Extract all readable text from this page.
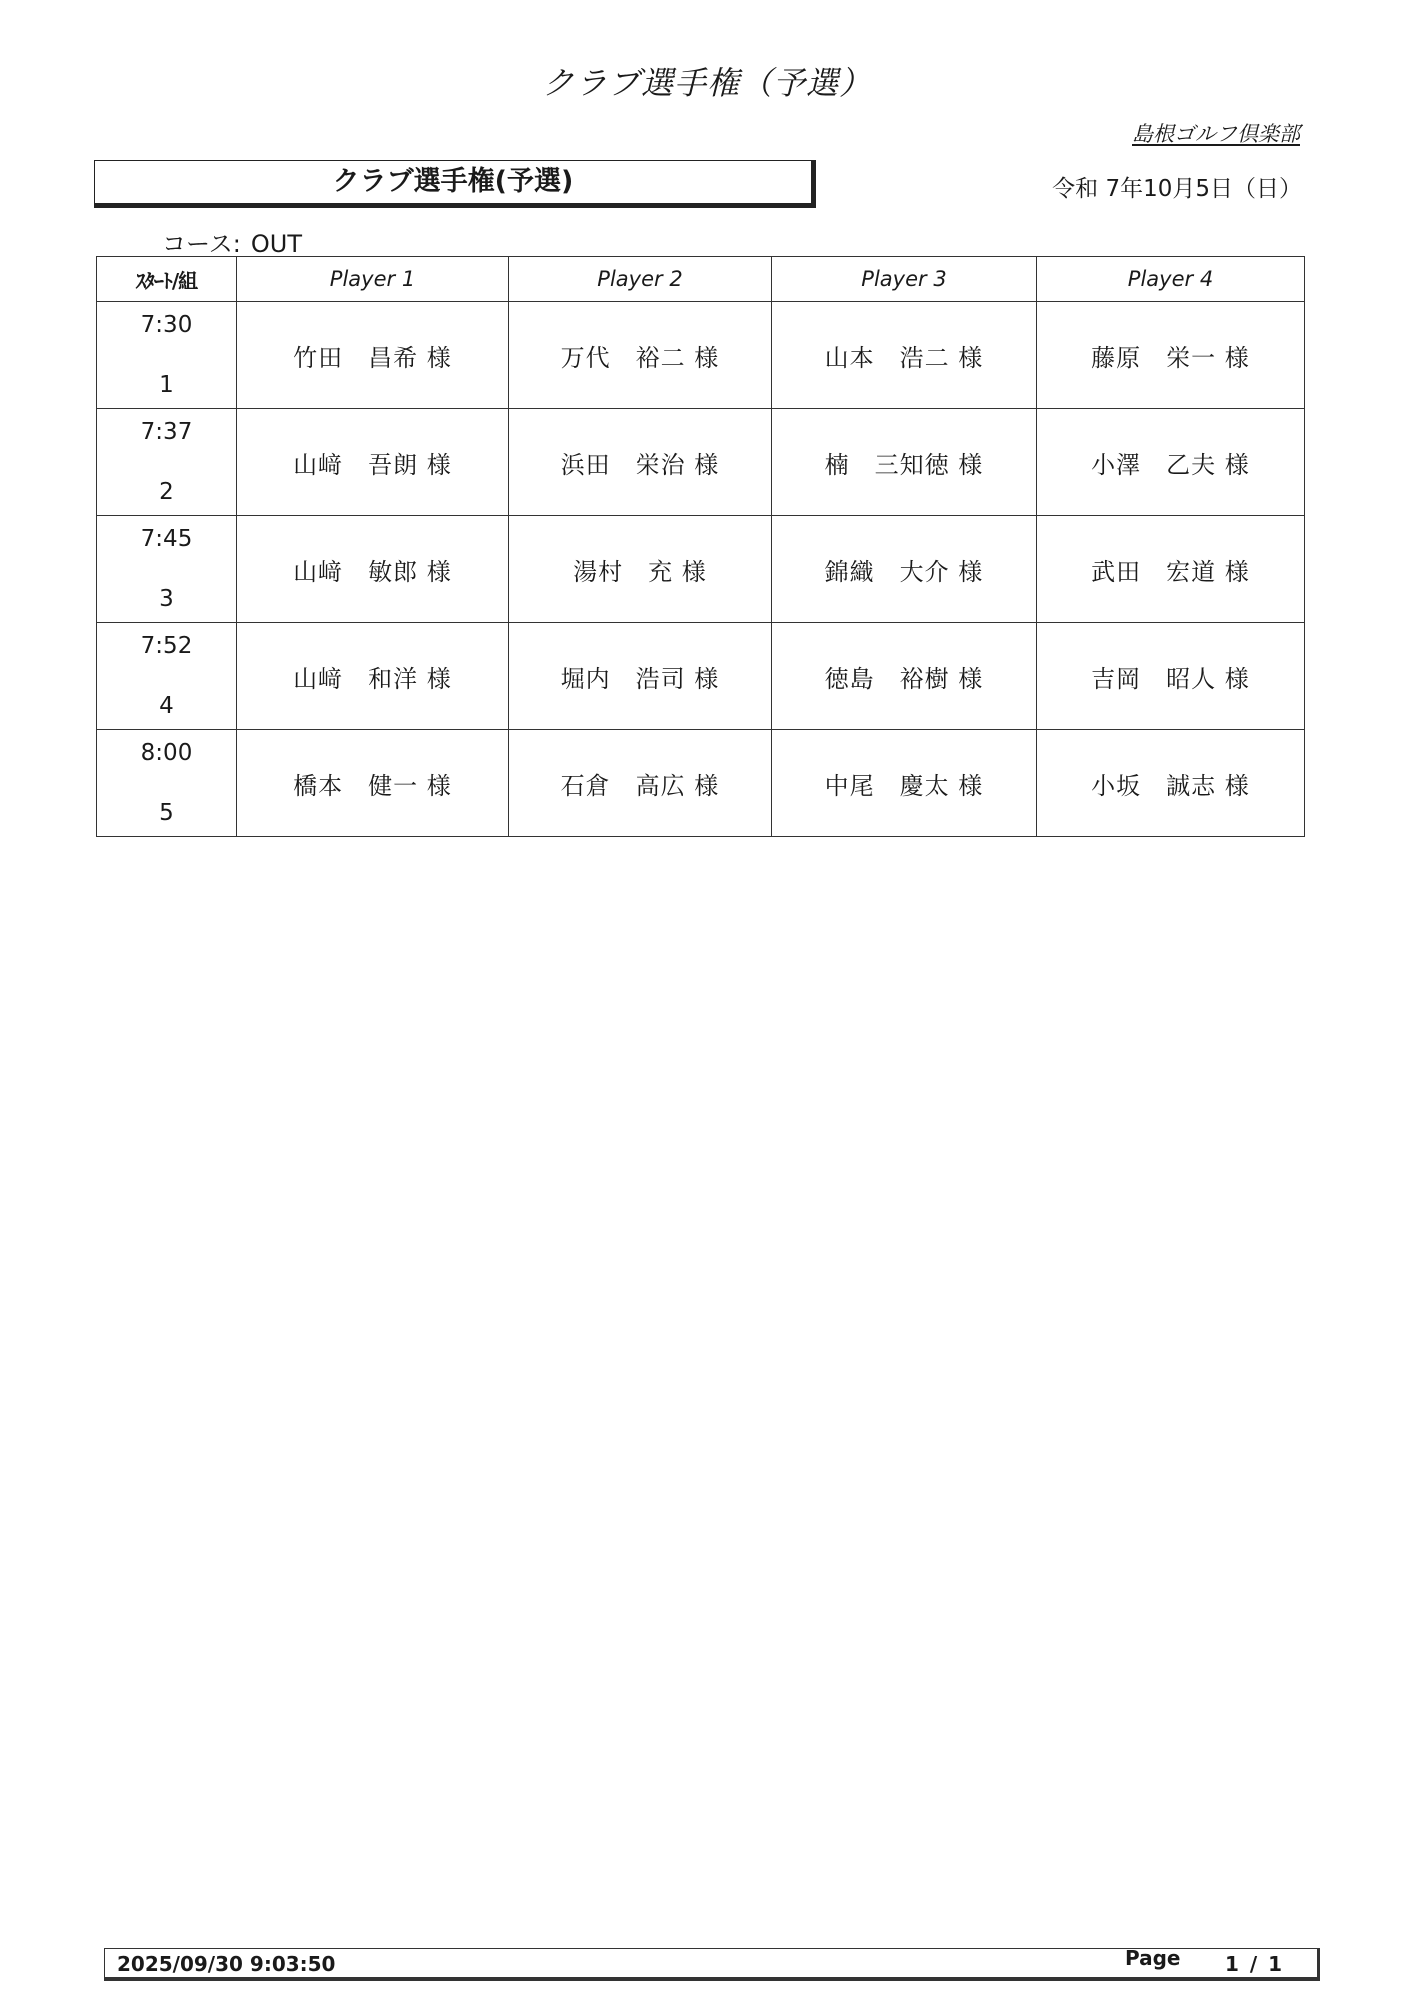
クラブ選手権（予選）
島根ゴルフ倶楽部
クラブ選手権(予選)	令和 7年10月5日（日）
コース: OUT
ｽﾀｰﾄ/組	Player 1	Player 2	Player 3	Player 4

7:30
1	竹田　昌希 様	万代　裕二 様	山本　浩二 様	藤原　栄一 様

7:37
2	山﨑　吾朗 様	浜田　栄治 様	楠　三知徳 様	小澤　乙夫 様

7:45
3	山﨑　敏郎 様	湯村　充 様	錦織　大介 様	武田　宏道 様

7:52
4	山﨑　和洋 様	堀内　浩司 様	徳島　裕樹 様	吉岡　昭人 様

8:00
5	橋本　健一 様	石倉　高広 様	中尾　慶太 様	小坂　誠志 様
2025/09/30 9:03:50	Page 1 / 1
